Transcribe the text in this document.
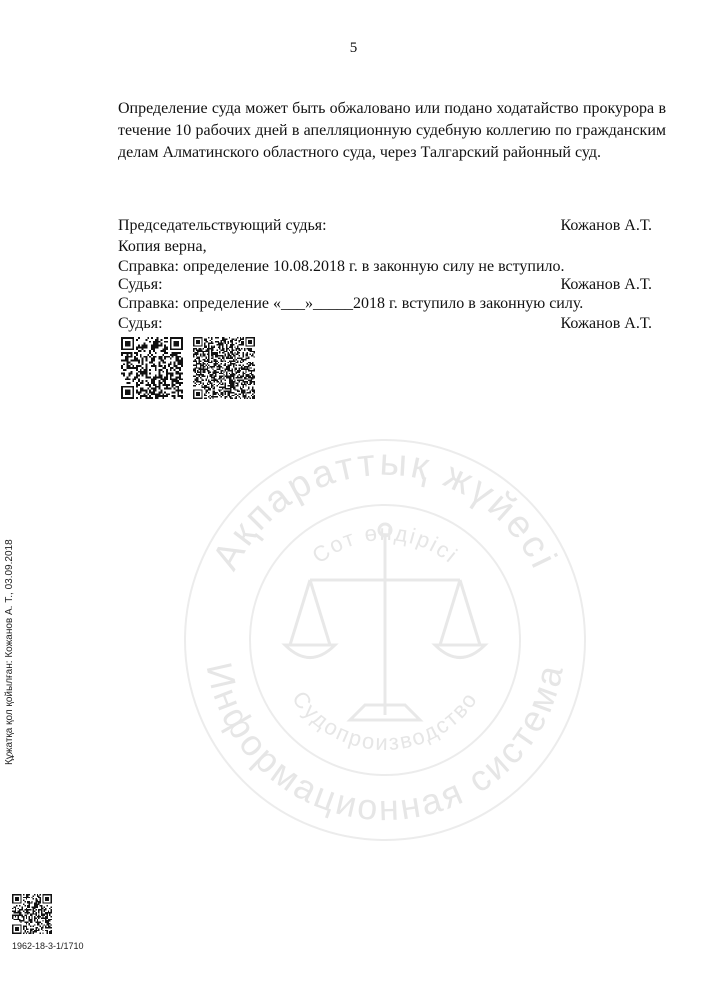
5
Определение суда может быть обжаловано или подано ходатайство прокурора в течение 10 рабочих дней в апелляционную судебную коллегию по гражданским делам Алматинского областного суда, через Талгарский районный суд.
Председательствующий судья:	Кожанов А.Т.
Копия верна,
Справка: определение 10.08.2018 г. в законную силу не вступило.
Судья:	Кожанов А.Т.
Справка: определение «___»_____2018 г. вступило в законную силу.
Судья:	Кожанов А.Т.
Ақпараттық жүйесі
Информационная система
Сот өндірісі
Судопроизводство
Құжатқа қол қойылған: Кожанов А. Т., 03.09.2018
1962-18-3-1/1710
